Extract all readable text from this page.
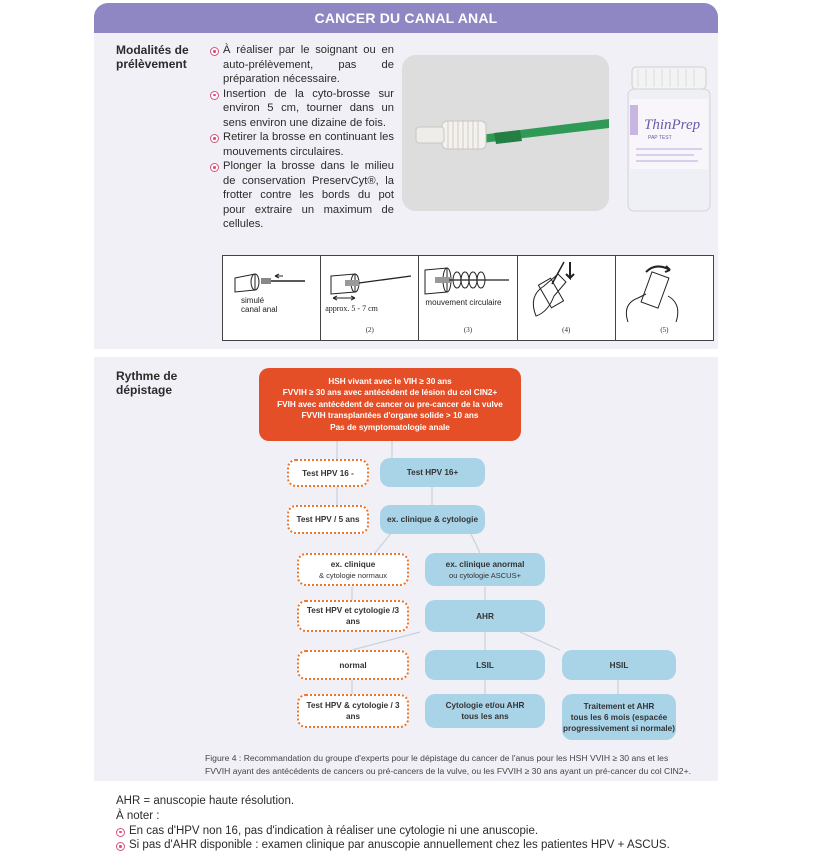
CANCER DU CANAL ANAL
Modalités de
prélèvement
À réaliser par le soignant ou en auto-prélèvement, pas de préparation nécessaire.
Insertion de la cyto-brosse sur environ 5 cm, tourner dans un sens environ une dizaine de fois.
Retirer la brosse en continuant les mouvements circulaires.
Plonger la brosse dans le milieu de conservation PreservCyt®, la frotter contre les bords du pot pour extraire un maximum de cellules.
ThinPrep
PAP TEST
simulé
canal anal	approx. 5 - 7 cm
(2)
mouvement circulaire
(3)	(4)	(5)
Rythme de
dépistage
HSH vivant avec le VIH ≥ 30 ans
FVVIH ≥ 30 ans avec antécédent de lésion du col CIN2+
FVIH avec antécédent de cancer ou pre-cancer de la vulve
FVVIH transplantées d'organe solide > 10 ans
Pas de symptomatologie anale
Test HPV 16 -	Test HPV 16+
Test HPV / 5 ans	ex. clinique & cytologie
ex. clinique
& cytologie normaux
ex. clinique anormal
ou cytologie ASCUS+
Test HPV et cytologie /3 ans
AHR
normal	LSIL	HSIL
Test HPV & cytologie / 3 ans
Cytologie et/ou AHR
tous les ans
Traitement et AHR
tous les 6 mois (espacée
progressivement si normale)
Figure 4 : Recommandation du groupe d'experts pour le dépistage du cancer de l'anus pour les HSH VVIH ≥ 30 ans et les
FVVIH ayant des antécédents de cancers ou pré-cancers de la vulve, ou les FVVIH ≥ 30 ans ayant un pré-cancer du col CIN2+.
AHR = anuscopie haute résolution.
À noter :
En cas d'HPV non 16, pas d'indication à réaliser une cytologie ni une anuscopie.
Si pas d'AHR disponible : examen clinique par anuscopie annuellement chez les patientes HPV + ASCUS.
